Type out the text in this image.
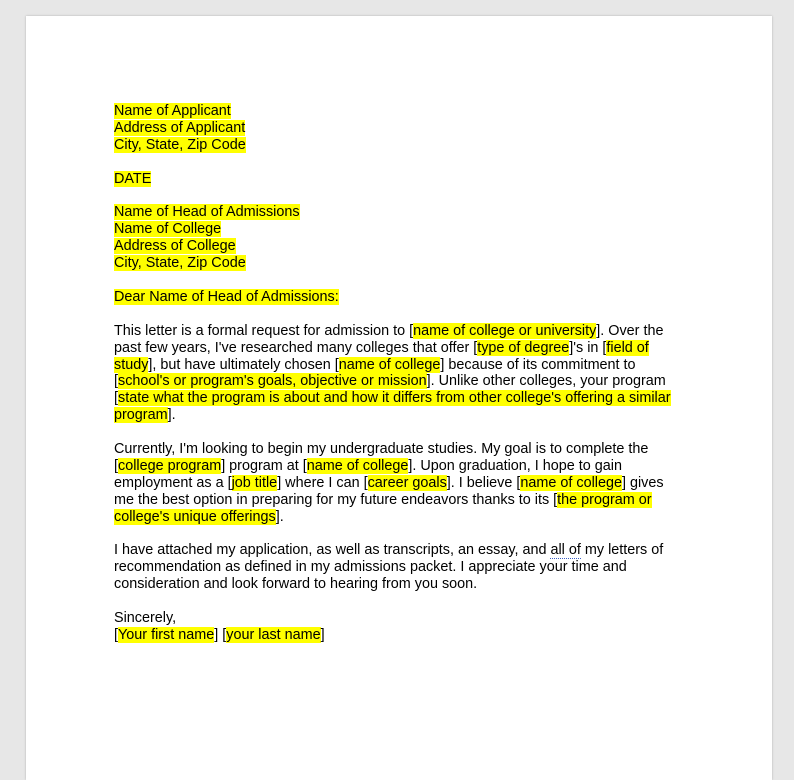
Name of Applicant
Address of Applicant
City, State, Zip Code
DATE
Name of Head of Admissions
Name of College
Address of College
City, State, Zip Code
Dear Name of Head of Admissions:
This letter is a formal request for admission to [name of college or university]. Over the
past few years, I've researched many colleges that offer [type of degree]'s in [field of
study], but have ultimately chosen [name of college] because of its commitment to
[school's or program's goals, objective or mission]. Unlike other colleges, your program
[state what the program is about and how it differs from other college's offering a similar
program].
Currently, I'm looking to begin my undergraduate studies. My goal is to complete the
[college program] program at [name of college]. Upon graduation, I hope to gain
employment as a [job title] where I can [career goals]. I believe [name of college] gives
me the best option in preparing for my future endeavors thanks to its [the program or
college's unique offerings].
I have attached my application, as well as transcripts, an essay, and all of my letters of
recommendation as defined in my admissions packet. I appreciate your time and
consideration and look forward to hearing from you soon.
Sincerely,
[Your first name] [your last name]
